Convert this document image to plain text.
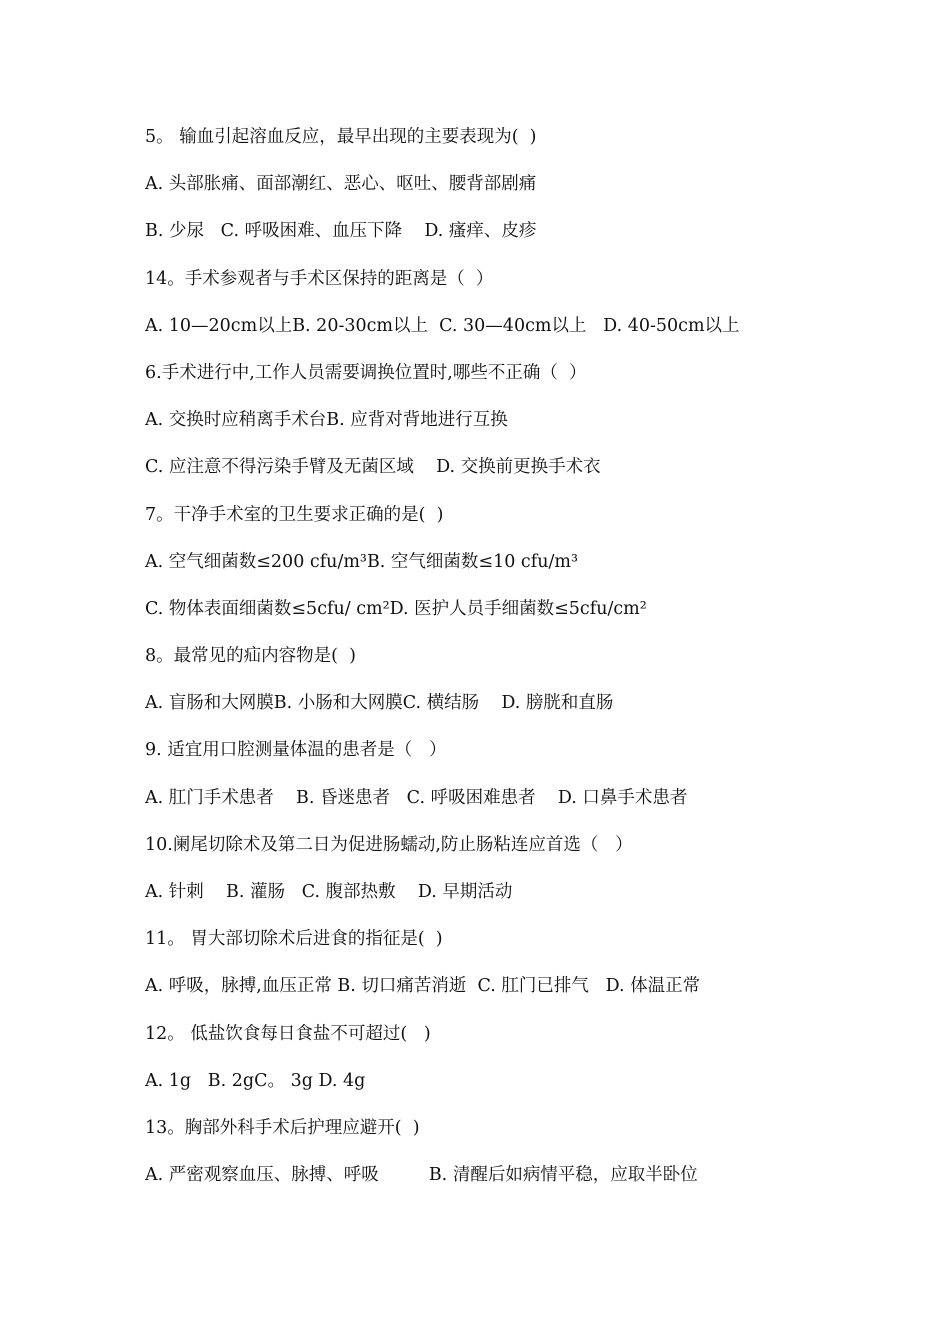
5。 输血引起溶血反应，最早出现的主要表现为(  )
A. 头部胀痛、面部潮红、恶心、呕吐、腰背部剧痛
B. 少尿   C. 呼吸困难、血压下降    D. 瘙痒、皮疹
14。手术参观者与手术区保持的距离是（  ）
A. 10—20cm以上B. 20-30cm以上  C. 30—40cm以上   D. 40-50cm以上
6.手术进行中,工作人员需要调换位置时,哪些不正确（  ）
A. 交换时应稍离手术台B. 应背对背地进行互换
C. 应注意不得污染手臂及无菌区域    D. 交换前更换手术衣
7。干净手术室的卫生要求正确的是(  )
A. 空气细菌数≤200 cfu/m³B. 空气细菌数≤10 cfu/m³
C. 物体表面细菌数≤5cfu/ cm²D. 医护人员手细菌数≤5cfu/cm²
8。最常见的疝内容物是(  )
A. 盲肠和大网膜B. 小肠和大网膜C. 横结肠    D. 膀胱和直肠
9. 适宜用口腔测量体温的患者是（   ）
A. 肛门手术患者    B. 昏迷患者   C. 呼吸困难患者    D. 口鼻手术患者
10.阑尾切除术及第二日为促进肠蠕动,防止肠粘连应首选（   ）
A. 针刺    B. 灌肠   C. 腹部热敷    D. 早期活动
11。 胃大部切除术后进食的指征是(  )
A. 呼吸，脉搏,血压正常 B. 切口痛苦消逝  C. 肛门已排气   D. 体温正常
12。 低盐饮食每日食盐不可超过(   )
A. 1g   B. 2gC。 3g D. 4g
13。胸部外科手术后护理应避开(  )
A. 严密观察血压、脉搏、呼吸         B. 清醒后如病情平稳，应取半卧位
